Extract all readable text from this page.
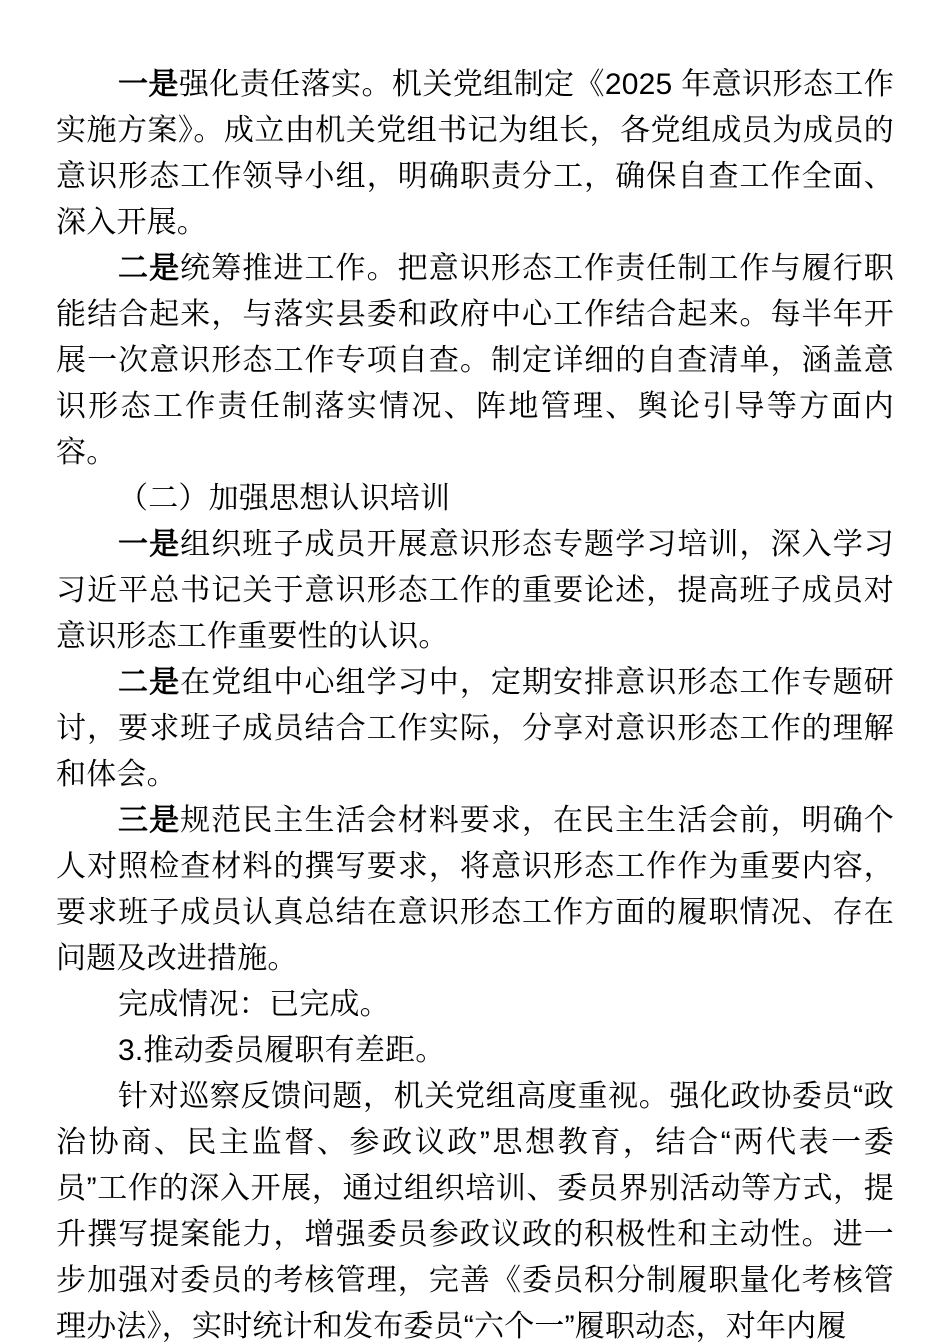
一是强化责任落实。机关党组制定《2025 年意识形态工作实施方案》。成立由机关党组书记为组长，各党组成员为成员的意识形态工作领导小组，明确职责分工，确保自查工作全面、深入开展。

二是统筹推进工作。把意识形态工作责任制工作与履行职能结合起来，与落实县委和政府中心工作结合起来。每半年开展一次意识形态工作专项自查。制定详细的自查清单，涵盖意识形态工作责任制落实情况、阵地管理、舆论引导等方面内容。

（二）加强思想认识培训

一是组织班子成员开展意识形态专题学习培训，深入学习习近平总书记关于意识形态工作的重要论述，提高班子成员对意识形态工作重要性的认识。

二是在党组中心组学习中，定期安排意识形态工作专题研讨，要求班子成员结合工作实际，分享对意识形态工作的理解和体会。

三是规范民主生活会材料要求，在民主生活会前，明确个人对照检查材料的撰写要求，将意识形态工作作为重要内容，要求班子成员认真总结在意识形态工作方面的履职情况、存在问题及改进措施。

完成情况：已完成。

3.推动委员履职有差距。

针对巡察反馈问题，机关党组高度重视。强化政协委员“政治协商、民主监督、参政议政”思想教育，结合“两代表一委员”工作的深入开展，通过组织培训、委员界别活动等方式，提升撰写提案能力，增强委员参政议政的积极性和主动性。进一步加强对委员的考核管理，完善《委员积分制履职量化考核管理办法》，实时统计和发布委员“六个一”履职动态，对年内履
